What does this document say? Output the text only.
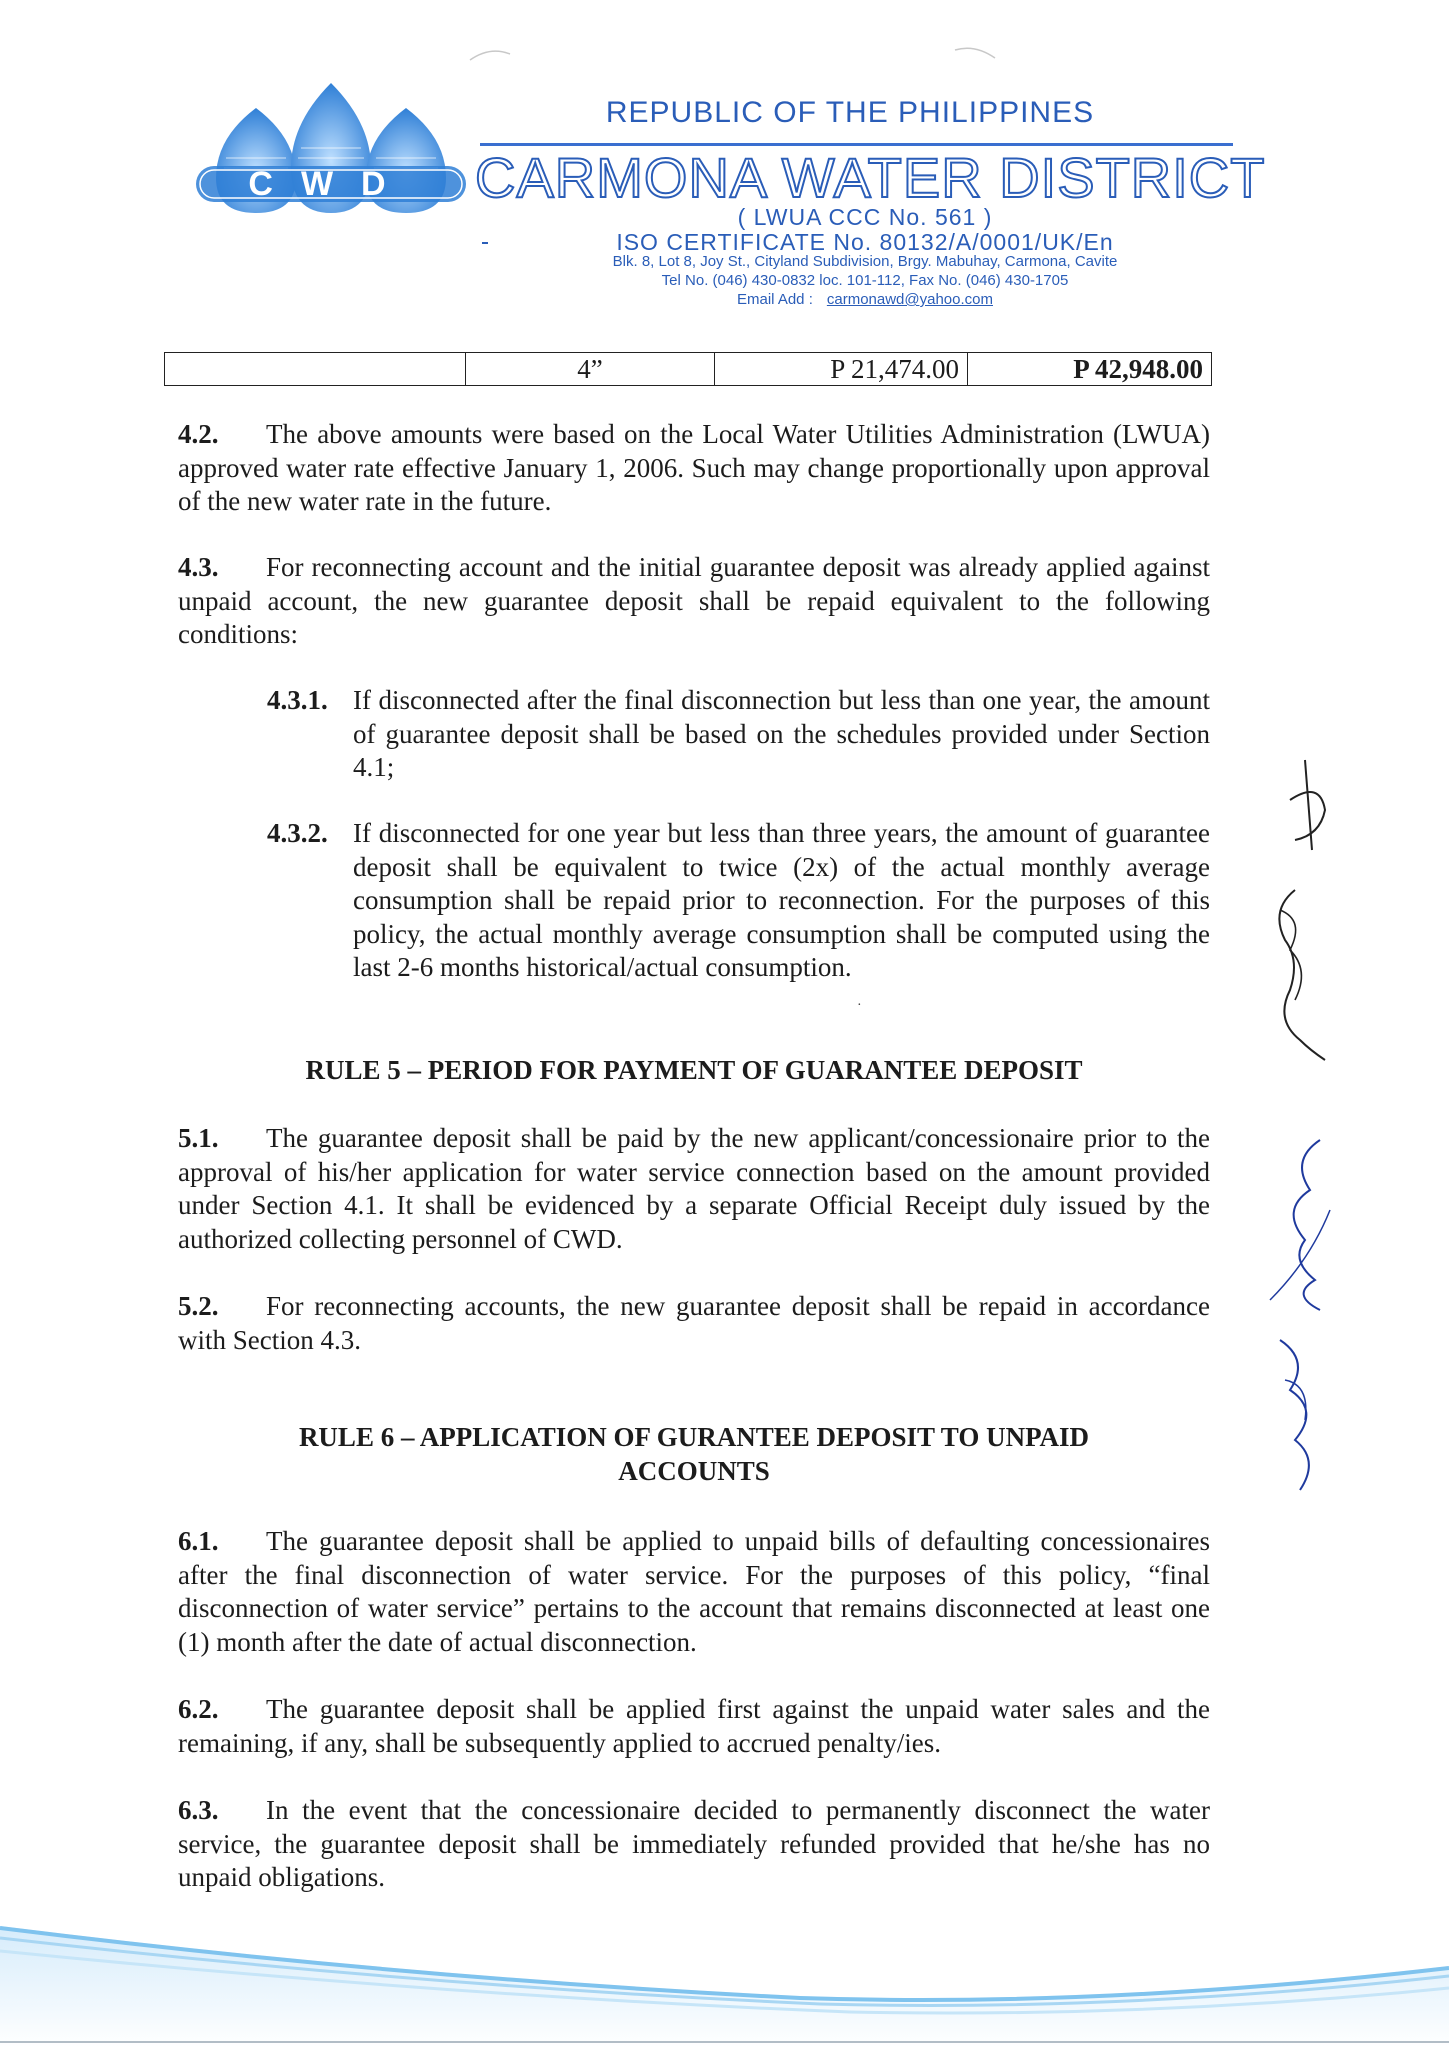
CWD
REPUBLIC OF THE PHILIPPINES
CARMONA WATER DISTRICT
( LWUA CCC No. 561 )
ISO CERTIFICATE No. 80132/A/0001/UK/En
Blk. 8, Lot 8, Joy St., Cityland Subdivision, Brgy. Mabuhay, Carmona, Cavite
Tel No. (046) 430-0832 loc. 101-112, Fax No. (046) 430-1705
Email Add : carmonawd@yahoo.com
	4”	P 21,474.00	P 42,948.00
4.2. The above amounts were based on the Local Water Utilities Administration (LWUA) approved water rate effective January 1, 2006. Such may change proportionally upon approval of the new water rate in the future.
4.3. For reconnecting account and the initial guarantee deposit was already applied against unpaid account, the new guarantee deposit shall be repaid equivalent to the following conditions:
4.3.1. If disconnected after the final disconnection but less than one year, the amount of guarantee deposit shall be based on the schedules provided under Section 4.1;
4.3.2. If disconnected for one year but less than three years, the amount of guarantee deposit shall be equivalent to twice (2x) of the actual monthly average consumption shall be repaid prior to reconnection. For the purposes of this policy, the actual monthly average consumption shall be computed using the last 2-6 months historical/actual consumption.
·
RULE 5 – PERIOD FOR PAYMENT OF GUARANTEE DEPOSIT
5.1. The guarantee deposit shall be paid by the new applicant/concessionaire prior to the approval of his/her application for water service connection based on the amount provided under Section 4.1. It shall be evidenced by a separate Official Receipt duly issued by the authorized collecting personnel of CWD.
5.2. For reconnecting accounts, the new guarantee deposit shall be repaid in accordance with Section 4.3.
RULE 6 – APPLICATION OF GURANTEE DEPOSIT TO UNPAID
ACCOUNTS
6.1. The guarantee deposit shall be applied to unpaid bills of defaulting concessionaires after the final disconnection of water service. For the purposes of this policy, “final disconnection of water service” pertains to the account that remains disconnected at least one (1) month after the date of actual disconnection.
6.2. The guarantee deposit shall be applied first against the unpaid water sales and the remaining, if any, shall be subsequently applied to accrued penalty/ies.
6.3. In the event that the concessionaire decided to permanently disconnect the water service, the guarantee deposit shall be immediately refunded provided that he/she has no unpaid obligations.
